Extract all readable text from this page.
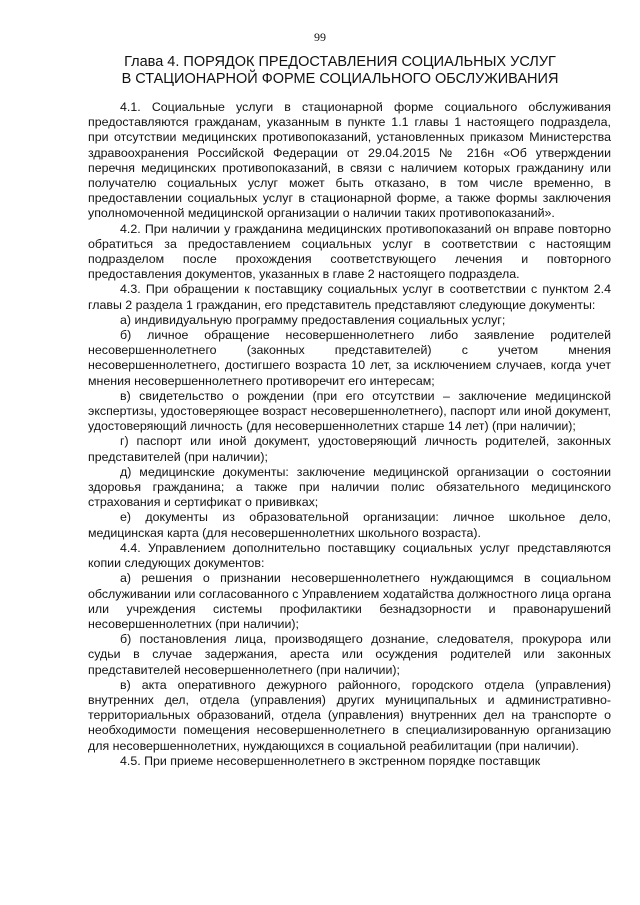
99
Глава 4. ПОРЯДОК ПРЕДОСТАВЛЕНИЯ СОЦИАЛЬНЫХ УСЛУГ
В СТАЦИОНАРНОЙ ФОРМЕ СОЦИАЛЬНОГО ОБСЛУЖИВАНИЯ

4.1. Социальные услуги в стационарной форме социального обслуживания предоставляются гражданам, указанным в пункте 1.1 главы 1 настоящего подраздела, при отсутствии медицинских противопоказаний, установленных приказом Министерства здравоохранения Российской Федерации от 29.04.2015 № 216н «Об утверждении перечня медицинских противопоказаний, в связи с наличием которых гражданину или получателю социальных услуг может быть отказано, в том числе временно, в предоставлении социальных услуг в стационарной форме, а также формы заключения уполномоченной медицинской организации о наличии таких противопоказаний».

4.2. При наличии у гражданина медицинских противопоказаний он вправе повторно обратиться за предоставлением социальных услуг в соответствии с настоящим подразделом после прохождения соответствующего лечения и повторного предоставления документов, указанных в главе 2 настоящего подраздела.

4.3. При обращении к поставщику социальных услуг в соответствии с пунктом 2.4 главы 2 раздела 1 гражданин, его представитель представляют следующие документы:

а) индивидуальную программу предоставления социальных услуг;

б) личное обращение несовершеннолетнего либо заявление родителей несовершеннолетнего (законных представителей) с учетом мнения несовершеннолетнего, достигшего возраста 10 лет, за исключением случаев, когда учет мнения несовершеннолетнего противоречит его интересам;

в) свидетельство о рождении (при его отсутствии – заключение медицинской экспертизы, удостоверяющее возраст несовершеннолетнего), паспорт или иной документ, удостоверяющий личность (для несовершеннолетних старше 14 лет) (при наличии);

г) паспорт или иной документ, удостоверяющий личность родителей, законных представителей (при наличии);

д) медицинские документы: заключение медицинской организации о состоянии здоровья гражданина; а также при наличии полис обязательного медицинского страхования и сертификат о прививках;

е) документы из образовательной организации: личное школьное дело, медицинская карта (для несовершеннолетних школьного возраста).

4.4. Управлением дополнительно поставщику социальных услуг представляются копии следующих документов:

а) решения о признании несовершеннолетнего нуждающимся в социальном обслуживании или согласованного с Управлением ходатайства должностного лица органа или учреждения системы профилактики безнадзорности и правонарушений несовершеннолетних (при наличии);

б) постановления лица, производящего дознание, следователя, прокурора или судьи в случае задержания, ареста или осуждения родителей или законных представителей несовершеннолетнего (при наличии);

в) акта оперативного дежурного районного, городского отдела (управления) внутренних дел, отдела (управления) других муниципальных и административно-территориальных образований, отдела (управления) внутренних дел на транспорте о необходимости помещения несовершеннолетнего в специализированную организацию для несовершеннолетних, нуждающихся в социальной реабилитации (при наличии).

4.5. При приеме несовершеннолетнего в экстренном порядке поставщик
